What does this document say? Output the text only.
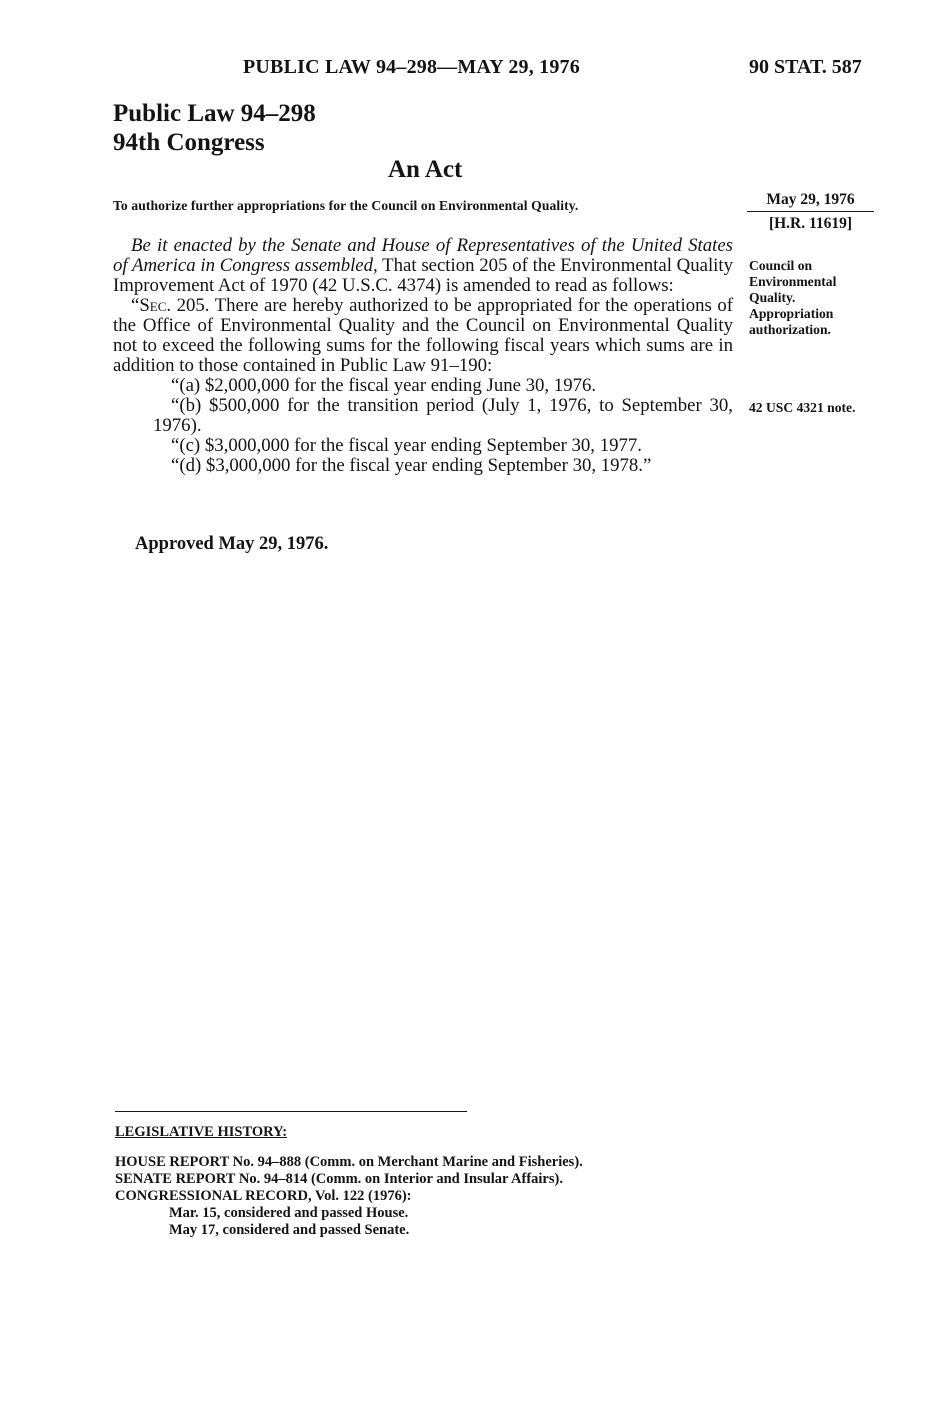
PUBLIC LAW 94–298—MAY 29, 1976	90 STAT. 587
Public Law 94–298
94th Congress
An Act
To authorize further appropriations for the Council on Environmental Quality.

Be it enacted by the Senate and House of Representatives of the United States of America in Congress assembled, That section 205 of the Environmental Quality Improvement Act of 1970 (42 U.S.C. 4374) is amended to read as follows:

“Sec. 205. There are hereby authorized to be appropriated for the operations of the Office of Environmental Quality and the Council on Environmental Quality not to exceed the following sums for the following fiscal years which sums are in addition to those contained in Public Law 91–190:

“(a) $2,000,000 for the fiscal year ending June 30, 1976.

“(b) $500,000 for the transition period (July 1, 1976, to September 30, 1976).

“(c) $3,000,000 for the fiscal year ending September 30, 1977.

“(d) $3,000,000 for the fiscal year ending September 30, 1978.”

Approved May 29, 1976.
May 29, 1976
[H.R. 11619]
Council on Environmental Quality. Appropriation authorization.
42 USC 4321 note.
LEGISLATIVE HISTORY:
HOUSE REPORT No. 94–888 (Comm. on Merchant Marine and Fisheries).
SENATE REPORT No. 94–814 (Comm. on Interior and Insular Affairs).
CONGRESSIONAL RECORD, Vol. 122 (1976):
Mar. 15, considered and passed House.
May 17, considered and passed Senate.
